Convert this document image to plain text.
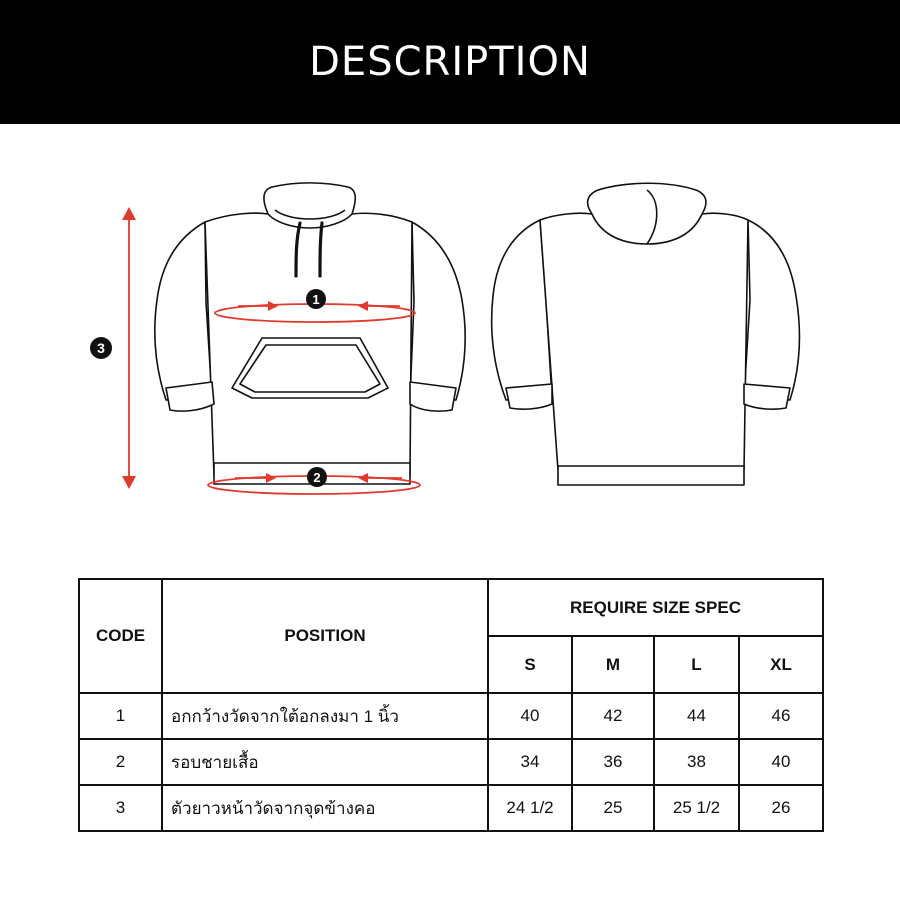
DESCRIPTION
1
2
3
CODE	POSITION	REQUIRE SIZE SPEC			
		S	M	L	XL
1	อกกว้างวัดจากใต้อกลงมา 1 นิ้ว	40	42	44	46
2	รอบชายเสื้อ	34	36	38	40
3	ตัวยาวหน้าวัดจากจุดข้างคอ	24 1/2	25	25 1/2	26
